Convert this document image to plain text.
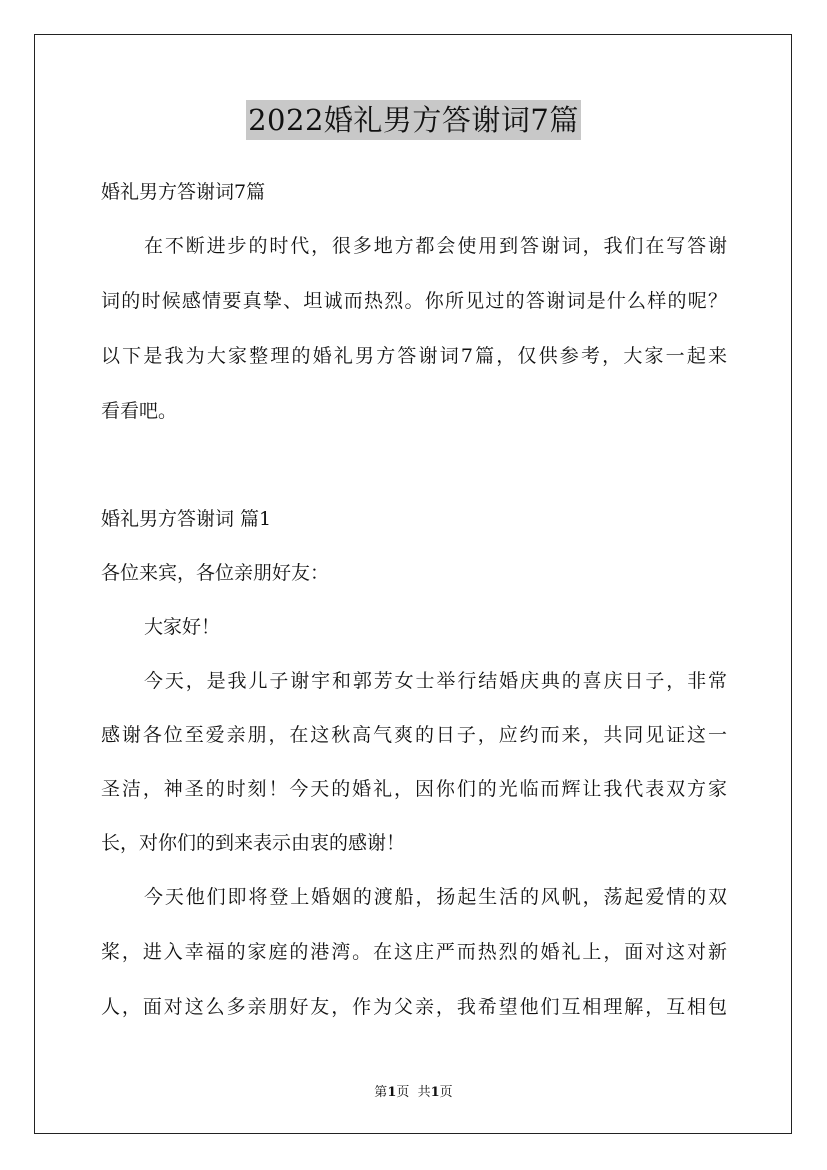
2022婚礼男方答谢词7篇
婚礼男方答谢词7篇
在不断进步的时代，很多地方都会使用到答谢词，我们在写答谢
词的时候感情要真挚、坦诚而热烈。你所见过的答谢词是什么样的呢？
以下是我为大家整理的婚礼男方答谢词7篇，仅供参考，大家一起来
看看吧。
婚礼男方答谢词 篇1
各位来宾，各位亲朋好友：
大家好！
今天，是我儿子谢宇和郭芳女士举行结婚庆典的喜庆日子，非常
感谢各位至爱亲朋，在这秋高气爽的日子，应约而来，共同见证这一
圣洁，神圣的时刻！今天的婚礼，因你们的光临而辉让我代表双方家
长，对你们的到来表示由衷的感谢！
今天他们即将登上婚姻的渡船，扬起生活的风帆，荡起爱情的双
桨，进入幸福的家庭的港湾。在这庄严而热烈的婚礼上，面对这对新
人，面对这么多亲朋好友，作为父亲，我希望他们互相理解，互相包
第1页  共1页
